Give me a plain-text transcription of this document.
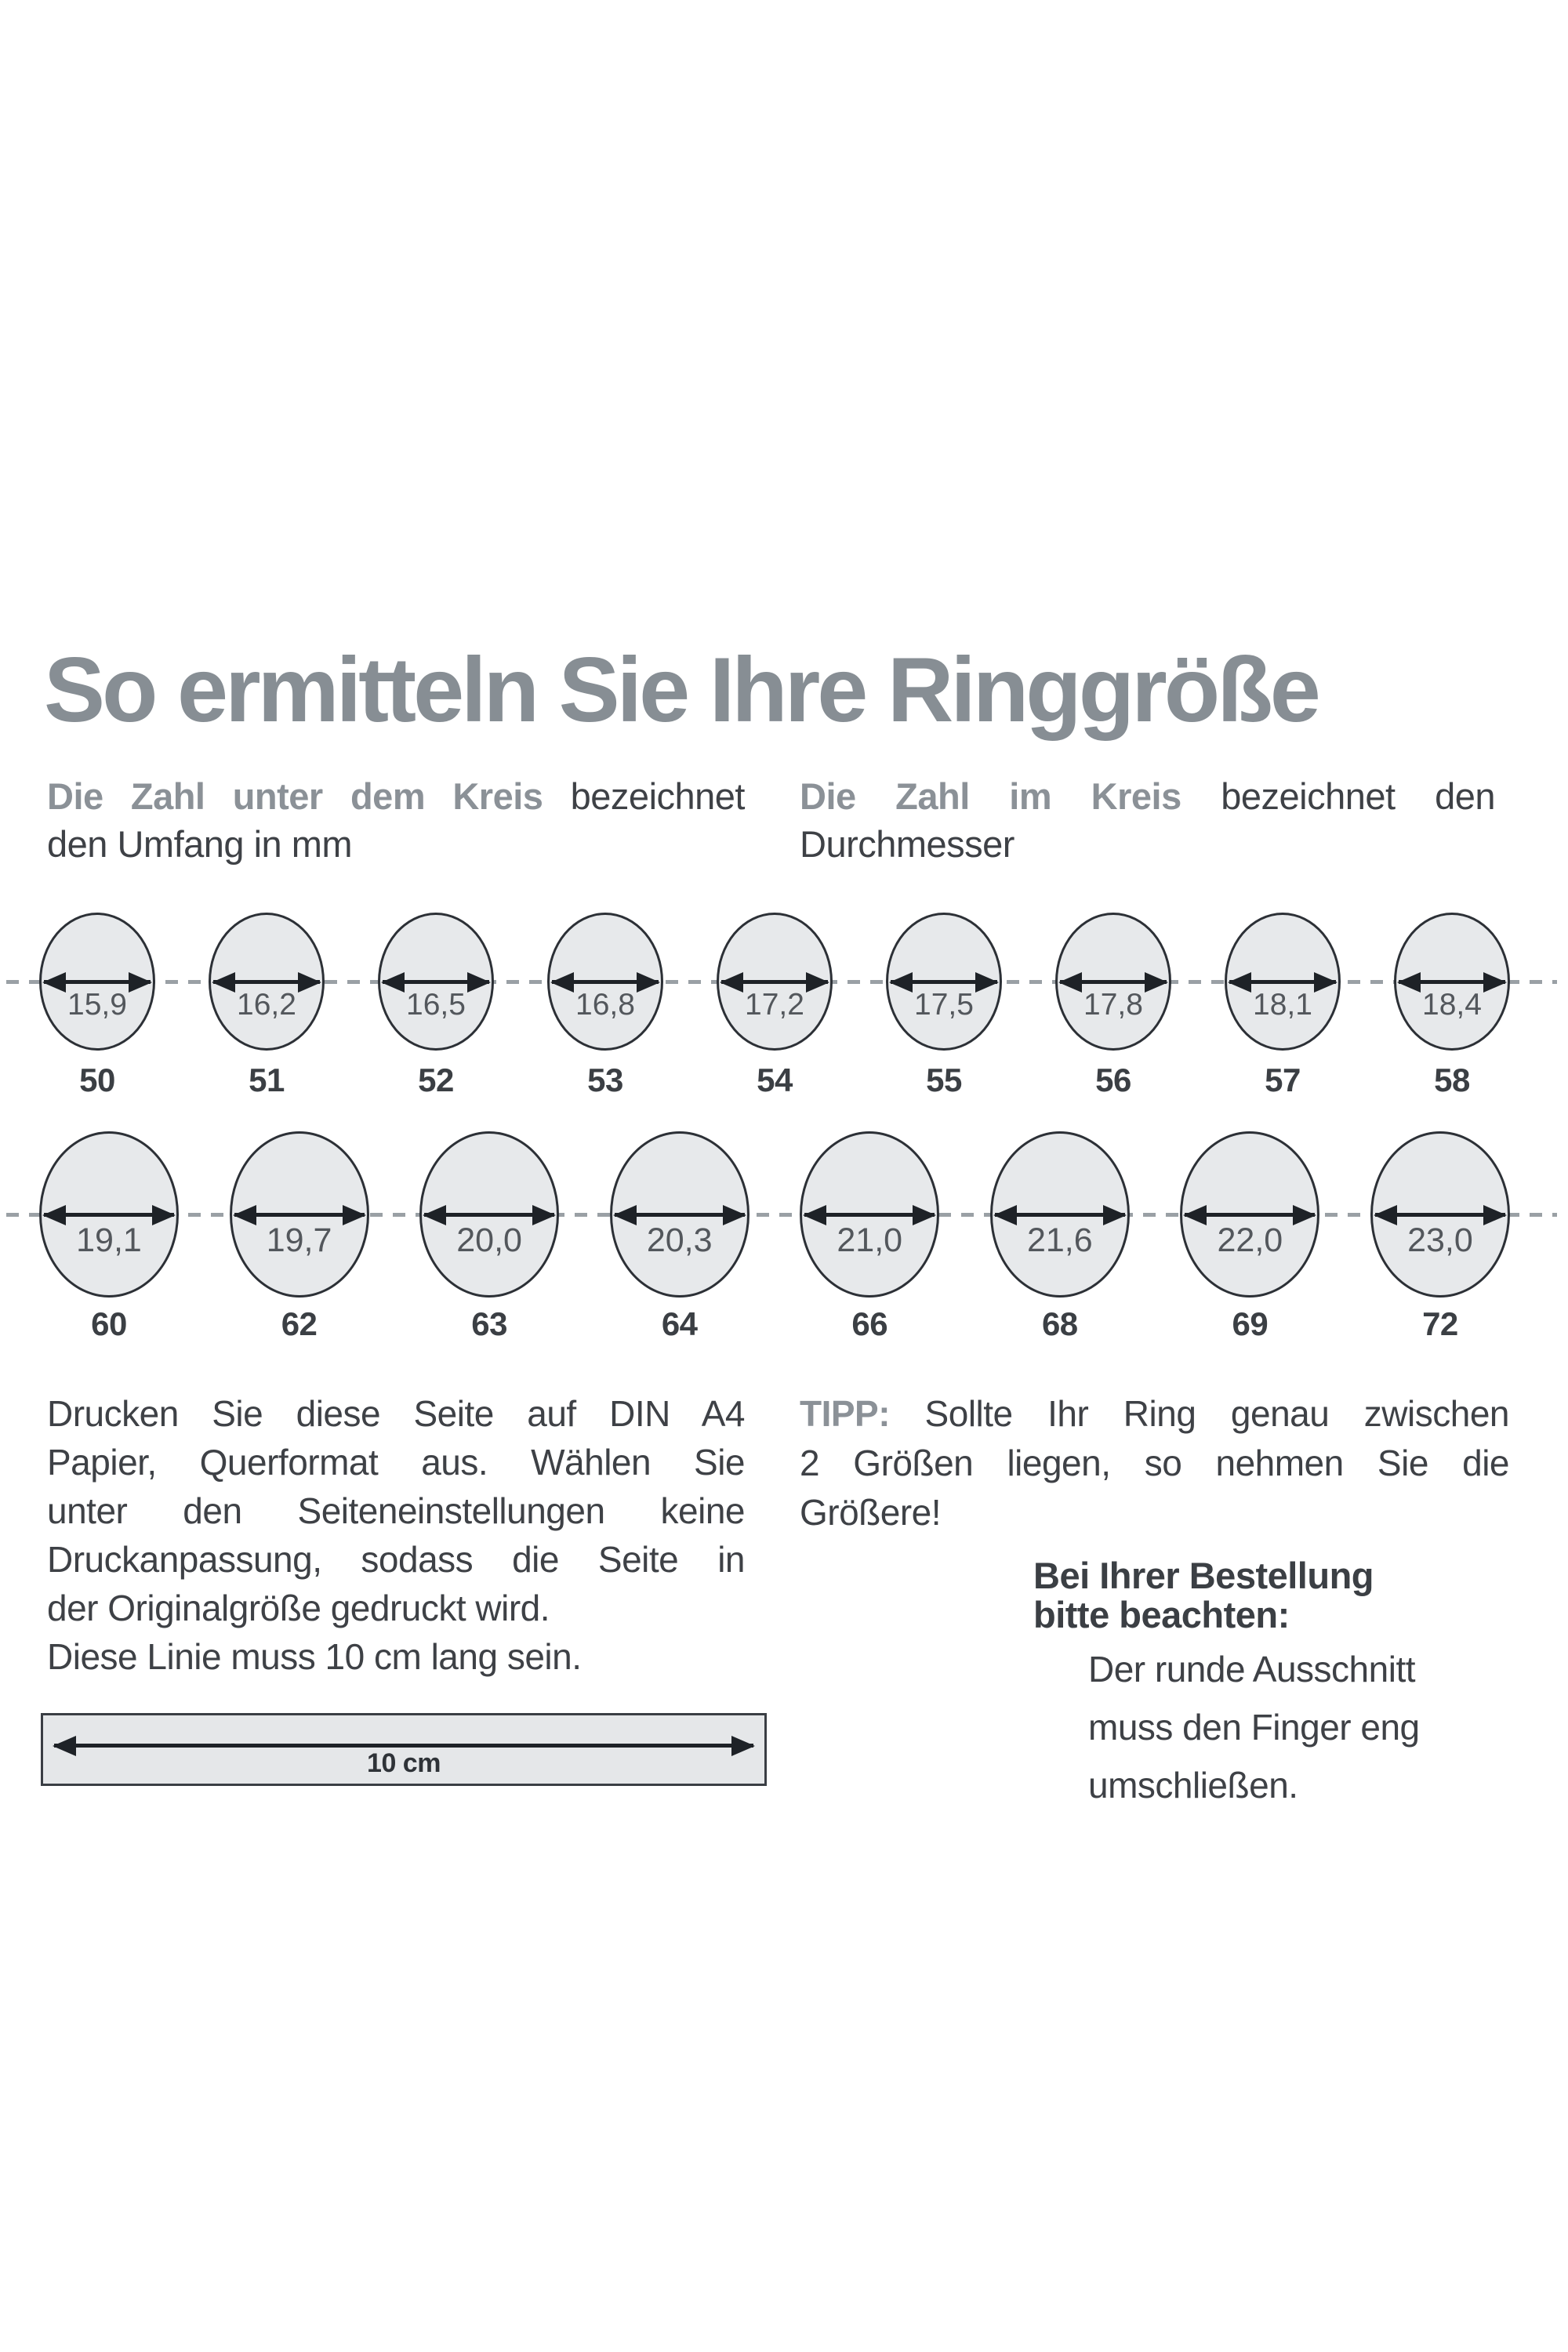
So ermitteln Sie Ihre Ringgröße
Die Zahl unter dem Kreis bezeichnet
den Umfang in mm
Die Zahl im Kreis bezeichnet den
Durchmesser
15,9
50
16,2
51
16,5
52
16,8
53
17,2
54
17,5
55
17,8
56
18,1
57
18,4
58
19,1
60
19,7
62
20,0
63
20,3
64
21,0
66
21,6
68
22,0
69
23,0
72
Drucken Sie diese Seite auf DIN A4
Papier, Querformat aus. Wählen Sie
unter den Seiteneinstellungen keine
Druckanpassung, sodass die Seite in
der Originalgröße gedruckt wird.
Diese Linie muss 10 cm lang sein.
10 cm
TIPP: Sollte Ihr Ring genau zwischen
2 Größen liegen, so nehmen Sie die
Größere!
Bei Ihrer Bestellung
bitte beachten:
Der runde Ausschnitt
muss den Finger eng
umschließen.
